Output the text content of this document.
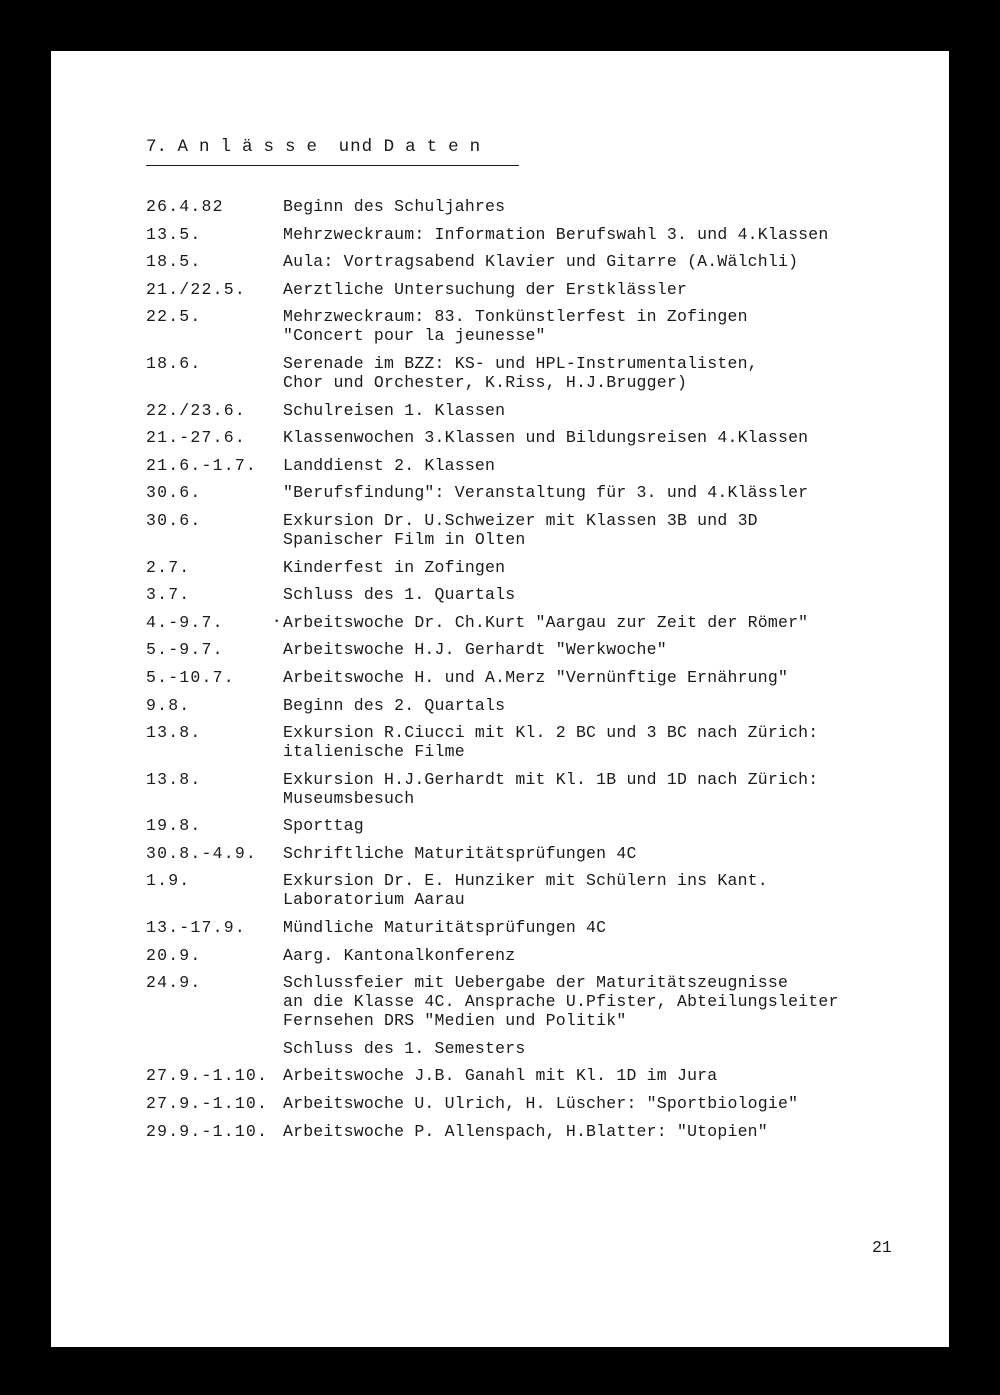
7. Anlässe und Daten
26.4.82	Beginn des Schuljahres
13.5.	Mehrzweckraum: Information Berufswahl 3. und 4.Klassen
18.5.	Aula: Vortragsabend Klavier und Gitarre (A.Wälchli)
21./22.5.	Aerztliche Untersuchung der Erstklässler
22.5.	Mehrzweckraum: 83. Tonkünstlerfest in Zofingen
"Concert pour la jeunesse"
18.6.	Serenade im BZZ: KS- und HPL-Instrumentalisten,
Chor und Orchester, K.Riss, H.J.Brugger)
22./23.6.	Schulreisen 1. Klassen
21.-27.6.	Klassenwochen 3.Klassen und Bildungsreisen 4.Klassen
21.6.-1.7.	Landdienst 2. Klassen
30.6.	"Berufsfindung": Veranstaltung für 3. und 4.Klässler
30.6.	Exkursion Dr. U.Schweizer mit Klassen 3B und 3D
Spanischer Film in Olten
2.7.	Kinderfest in Zofingen
3.7.	Schluss des 1. Quartals
4.-9.7.	• Arbeitswoche Dr. Ch.Kurt "Aargau zur Zeit der Römer"
5.-9.7.	Arbeitswoche H.J. Gerhardt "Werkwoche"
5.-10.7.	Arbeitswoche H. und A.Merz "Vernünftige Ernährung"
9.8.	Beginn des 2. Quartals
13.8.	Exkursion R.Ciucci mit Kl. 2 BC und 3 BC nach Zürich:
italienische Filme
13.8.	Exkursion H.J.Gerhardt mit Kl. 1B und 1D nach Zürich:
Museumsbesuch
19.8.	Sporttag
30.8.-4.9.	Schriftliche Maturitätsprüfungen 4C
1.9.	Exkursion Dr. E. Hunziker mit Schülern ins Kant.
Laboratorium Aarau
13.-17.9.	Mündliche Maturitätsprüfungen 4C
20.9.	Aarg. Kantonalkonferenz
24.9.	Schlussfeier mit Uebergabe der Maturitätszeugnisse
an die Klasse 4C. Ansprache U.Pfister, Abteilungsleiter
Fernsehen DRS "Medien und Politik"
Schluss des 1. Semesters
27.9.-1.10. Arbeitswoche J.B. Ganahl mit Kl. 1D im Jura
27.9.-1.10. Arbeitswoche U. Ulrich, H. Lüscher: "Sportbiologie"
29.9.-1.10. Arbeitswoche P. Allenspach, H.Blatter: "Utopien"
21
